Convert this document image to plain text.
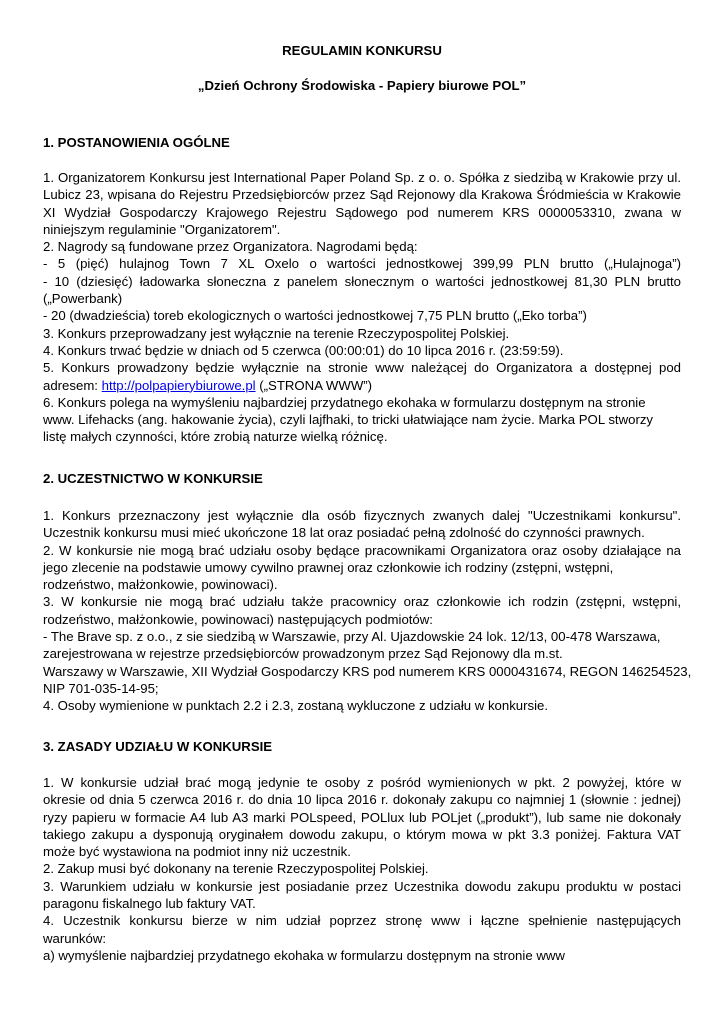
REGULAMIN KONKURSU

„Dzień Ochrony Środowiska - Papiery biurowe POL”

1. POSTANOWIENIA OGÓLNE

1. Organizatorem Konkursu jest International Paper Poland Sp. z o. o. Spółka z siedzibą w Krakowie przy ul.
Lubicz 23, wpisana do Rejestru Przedsiębiorców przez Sąd Rejonowy dla Krakowa Śródmieścia w Krakowie
XI Wydział Gospodarczy Krajowego Rejestru Sądowego pod numerem KRS 0000053310, zwana w
niniejszym regulaminie "Organizatorem".
2. Nagrody są fundowane przez Organizatora. Nagrodami będą:
- 5 (pięć) hulajnog Town 7 XL Oxelo o wartości jednostkowej 399,99 PLN brutto („Hulajnoga”)
- 10 (dziesięć) ładowarka słoneczna z panelem słonecznym o wartości jednostkowej 81,30 PLN brutto
(„Powerbank)
- 20 (dwadzieścia) toreb ekologicznych o wartości jednostkowej 7,75 PLN brutto („Eko torba”)
3. Konkurs przeprowadzany jest wyłącznie na terenie Rzeczypospolitej Polskiej.
4. Konkurs trwać będzie w dniach od 5 czerwca (00:00:01) do 10 lipca 2016 r. (23:59:59).
5. Konkurs prowadzony będzie wyłącznie na stronie www należącej do Organizatora a dostępnej pod
adresem: http://polpapierybiurowe.pl („STRONA WWW”)
6. Konkurs polega na wymyśleniu najbardziej przydatnego ekohaka w formularzu dostępnym na stronie
www. Lifehacks (ang. hakowanie życia), czyli lajfhaki, to tricki ułatwiające nam życie. Marka POL stworzy
listę małych czynności, które zrobią naturze wielką różnicę.

2. UCZESTNICTWO W KONKURSIE

1. Konkurs przeznaczony jest wyłącznie dla osób fizycznych zwanych dalej "Uczestnikami konkursu".
Uczestnik konkursu musi mieć ukończone 18 lat oraz posiadać pełną zdolność do czynności prawnych.
2. W konkursie nie mogą brać udziału osoby będące pracownikami Organizatora oraz osoby działające na
jego zlecenie na podstawie umowy cywilno prawnej oraz członkowie ich rodziny (zstępni, wstępni,
rodzeństwo, małżonkowie, powinowaci).
3. W konkursie nie mogą brać udziału także pracownicy oraz członkowie ich rodzin (zstępni, wstępni,
rodzeństwo, małżonkowie, powinowaci) następujących podmiotów:
- The Brave sp. z o.o., z sie siedzibą w Warszawie, przy Al. Ujazdowskie 24 lok. 12/13, 00-478 Warszawa,
zarejestrowana w rejestrze przedsiębiorców prowadzonym przez Sąd Rejonowy dla m.st.
Warszawy w Warszawie, XII Wydział Gospodarczy KRS pod numerem KRS 0000431674, REGON 146254523,
NIP 701-035-14-95;
4. Osoby wymienione w punktach 2.2 i 2.3, zostaną wykluczone z udziału w konkursie.

3. ZASADY UDZIAŁU W KONKURSIE

1. W konkursie udział brać mogą jedynie te osoby z pośród wymienionych w pkt. 2 powyżej, które w
okresie od dnia 5 czerwca 2016 r. do dnia 10 lipca 2016 r. dokonały zakupu co najmniej 1 (słownie : jednej)
ryzy papieru w formacie A4 lub A3 marki POLspeed, POLlux lub POLjet („produkt”), lub same nie dokonały
takiego zakupu a dysponują oryginałem dowodu zakupu, o którym mowa w pkt 3.3 poniżej. Faktura VAT
może być wystawiona na podmiot inny niż uczestnik.
2. Zakup musi być dokonany na terenie Rzeczypospolitej Polskiej.
3. Warunkiem udziału w konkursie jest posiadanie przez Uczestnika dowodu zakupu produktu w postaci
paragonu fiskalnego lub faktury VAT.
4. Uczestnik konkursu bierze w nim udział poprzez stronę www i łączne spełnienie następujących
warunków:
a) wymyślenie najbardziej przydatnego ekohaka w formularzu dostępnym na stronie www
